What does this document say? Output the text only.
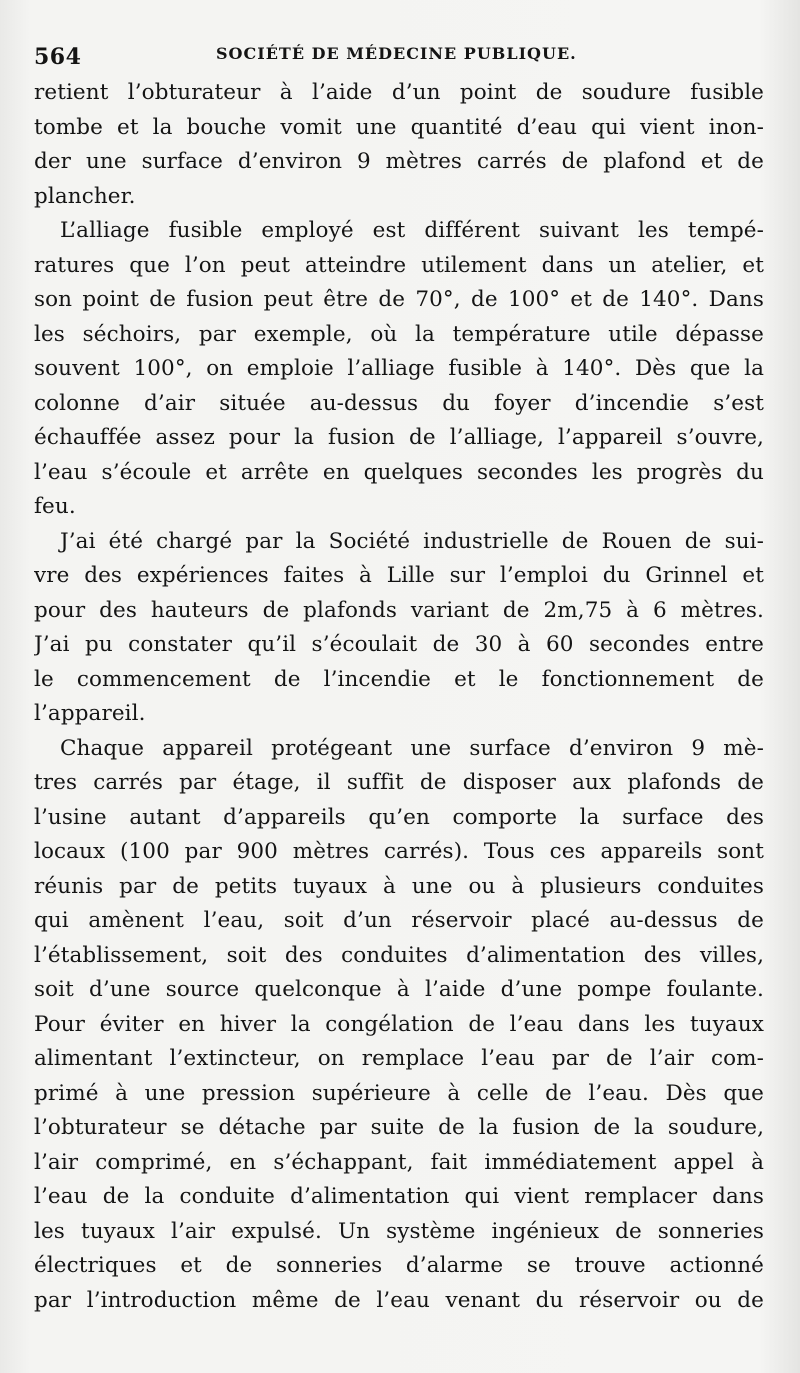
564	SOCIÉTÉ DE MÉDECINE PUBLIQUE.
retient l’obturateur à l’aide d’un point de soudure fusible
tombe et la bouche vomit une quantité d’eau qui vient inon-
der une surface d’environ 9 mètres carrés de plafond et de
plancher.
L’alliage fusible employé est différent suivant les tempé-
ratures que l’on peut atteindre utilement dans un atelier, et
son point de fusion peut être de 70°, de 100° et de 140°. Dans
les séchoirs, par exemple, où la température utile dépasse
souvent 100°, on emploie l’alliage fusible à 140°. Dès que la
colonne d’air située au-dessus du foyer d’incendie s’est
échauffée assez pour la fusion de l’alliage, l’appareil s’ouvre,
l’eau s’écoule et arrête en quelques secondes les progrès du
feu.
J’ai été chargé par la Société industrielle de Rouen de sui-
vre des expériences faites à Lille sur l’emploi du Grinnel et
pour des hauteurs de plafonds variant de 2m,75 à 6 mètres.
J’ai pu constater qu’il s’écoulait de 30 à 60 secondes entre
le commencement de l’incendie et le fonctionnement de
l’appareil.
Chaque appareil protégeant une surface d’environ 9 mè-
tres carrés par étage, il suffit de disposer aux plafonds de
l’usine autant d’appareils qu’en comporte la surface des
locaux (100 par 900 mètres carrés). Tous ces appareils sont
réunis par de petits tuyaux à une ou à plusieurs conduites
qui amènent l’eau, soit d’un réservoir placé au-dessus de
l’établissement, soit des conduites d’alimentation des villes,
soit d’une source quelconque à l’aide d’une pompe foulante.
Pour éviter en hiver la congélation de l’eau dans les tuyaux
alimentant l’extincteur, on remplace l’eau par de l’air com-
primé à une pression supérieure à celle de l’eau. Dès que
l’obturateur se détache par suite de la fusion de la soudure,
l’air comprimé, en s’échappant, fait immédiatement appel à
l’eau de la conduite d’alimentation qui vient remplacer dans
les tuyaux l’air expulsé. Un système ingénieux de sonneries
électriques et de sonneries d’alarme se trouve actionné
par l’introduction même de l’eau venant du réservoir ou de
